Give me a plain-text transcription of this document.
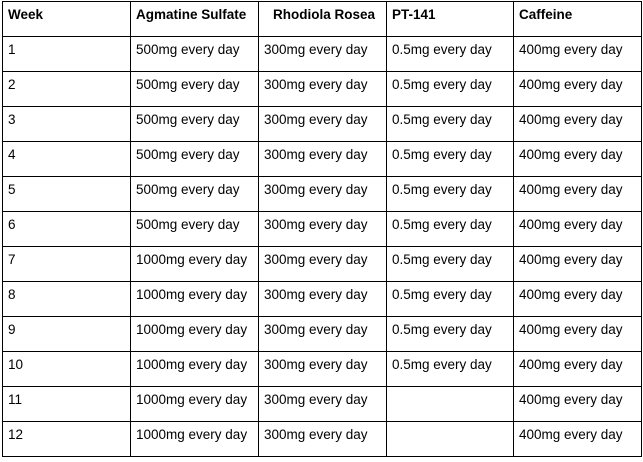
Week	Agmatine Sulfate	Rhodiola Rosea	PT-141	Caffeine
1	500mg every day	300mg every day	0.5mg every day	400mg every day
2	500mg every day	300mg every day	0.5mg every day	400mg every day
3	500mg every day	300mg every day	0.5mg every day	400mg every day
4	500mg every day	300mg every day	0.5mg every day	400mg every day
5	500mg every day	300mg every day	0.5mg every day	400mg every day
6	500mg every day	300mg every day	0.5mg every day	400mg every day
7	1000mg every day	300mg every day	0.5mg every day	400mg every day
8	1000mg every day	300mg every day	0.5mg every day	400mg every day
9	1000mg every day	300mg every day	0.5mg every day	400mg every day
10	1000mg every day	300mg every day	0.5mg every day	400mg every day
11	1000mg every day	300mg every day		400mg every day
12	1000mg every day	300mg every day		400mg every day
